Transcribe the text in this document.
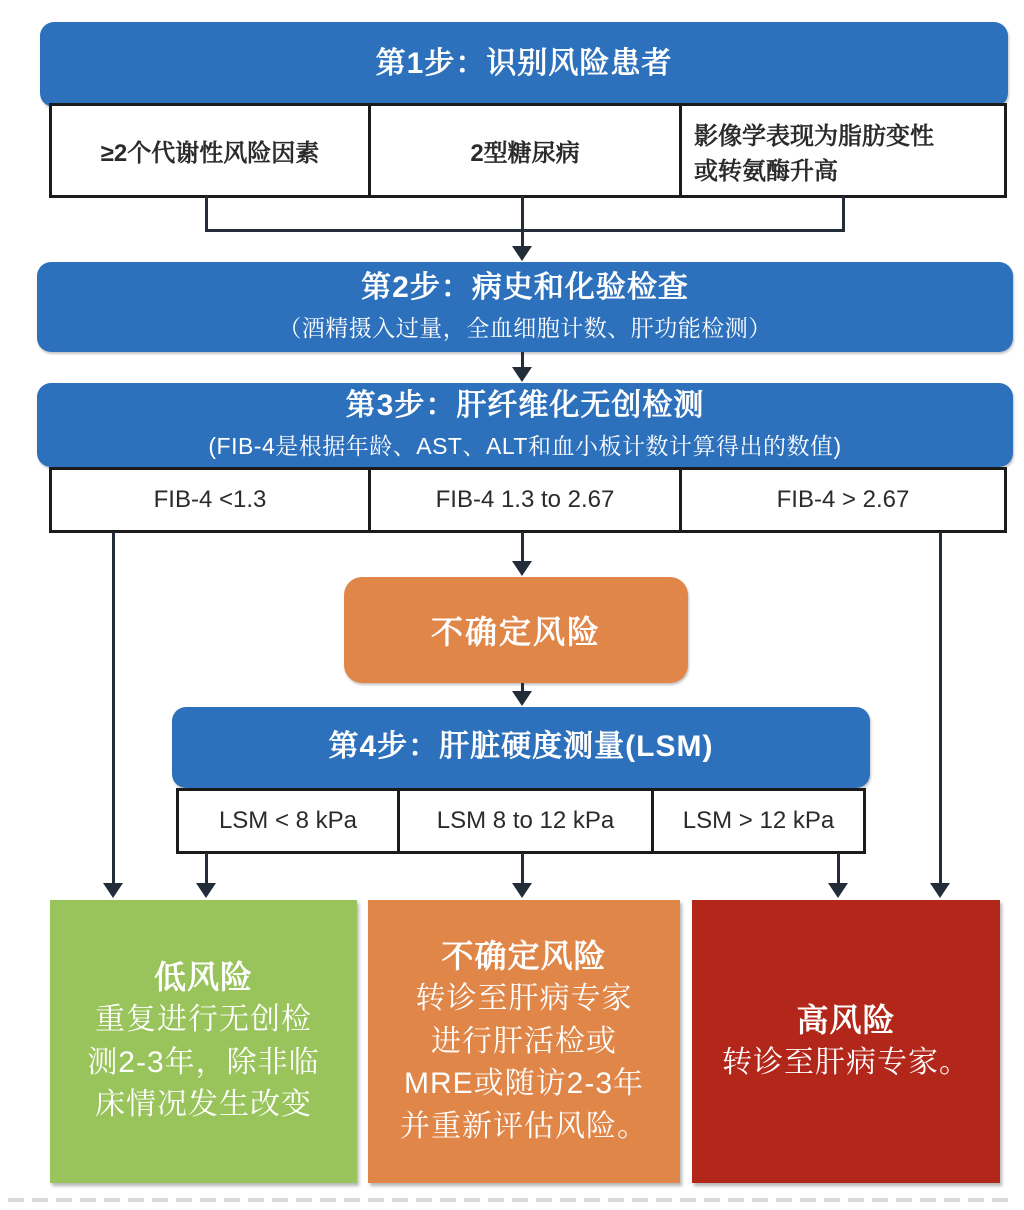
第1步：识别风险患者
≥2个代谢性风险因素	2型糖尿病
影像学表现为脂肪变性
或转氨酶升高
第2步：病史和化验检查
（酒精摄入过量，全血细胞计数、肝功能检测）
第3步：肝纤维化无创检测
(FIB-4是根据年龄、AST、ALT和血小板计数计算得出的数值)
FIB-4 <1.3	FIB-4 1.3 to 2.67	FIB-4 > 2.67
不确定风险
第4步：肝脏硬度测量(LSM)
LSM < 8 kPa	LSM 8 to 12 kPa	LSM > 12 kPa
低风险
重复进行无创检
测2-3年，除非临
床情况发生改变
不确定风险
转诊至肝病专家
进行肝活检或
MRE或随访2-3年
并重新评估风险。
高风险
转诊至肝病专家。
